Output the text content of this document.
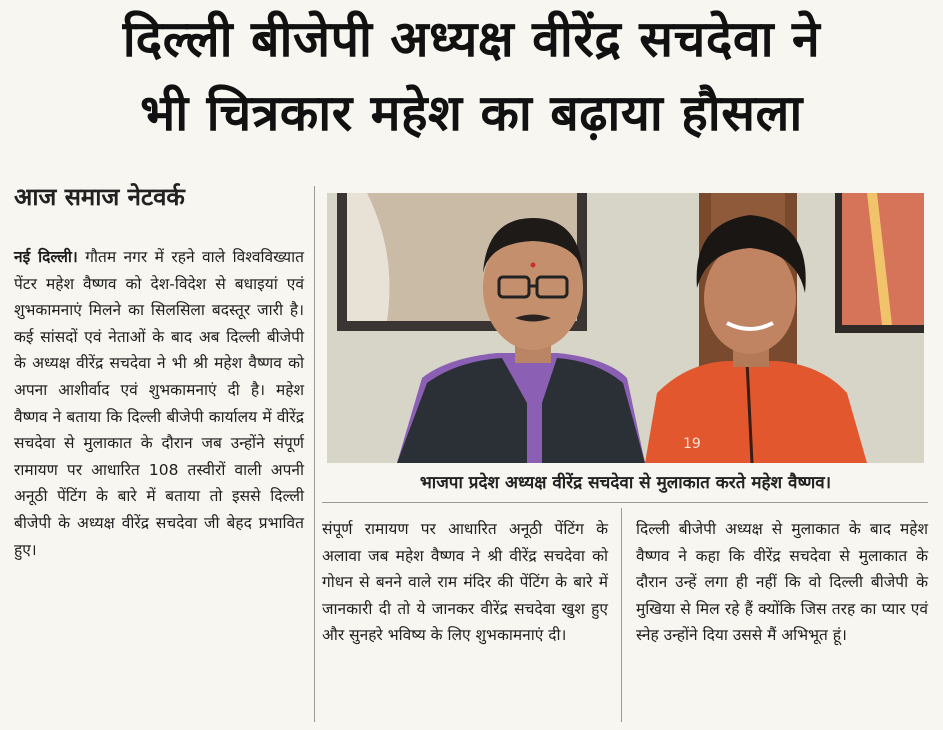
दिल्ली बीजेपी अध्यक्ष वीरेंद्र सचदेवा ने
भी चित्रकार महेश का बढ़ाया हौसला
आज समाज नेटवर्क
नई दिल्ली। गौतम नगर में रहने वाले विश्वविख्यात पेंटर महेश वैष्णव को देश-विदेश से बधाइयां एवं शुभकामनाएं मिलने का सिलसिला बदस्तूर जारी है। कई सांसदों एवं नेताओं के बाद अब दिल्ली बीजेपी के अध्यक्ष वीरेंद्र सचदेवा ने भी श्री महेश वैष्णव को अपना आशीर्वाद एवं शुभकामनाएं दी है। महेश वैष्णव ने बताया कि दिल्ली बीजेपी कार्यालय में वीरेंद्र सचदेवा से मुलाकात के दौरान जब उन्होंने संपूर्ण रामायण पर आधारित 108 तस्वीरों वाली अपनी अनूठी पेंटिंग के बारे में बताया तो इससे दिल्ली बीजेपी के अध्यक्ष वीरेंद्र सचदेवा जी बेहद प्रभावित हुए।
19
भाजपा प्रदेश अध्यक्ष वीरेंद्र सचदेवा से मुलाकात करते महेश वैष्णव।
संपूर्ण रामायण पर आधारित अनूठी पेंटिंग के अलावा जब महेश वैष्णव ने श्री वीरेंद्र सचदेवा को गोधन से बनने वाले राम मंदिर की पेंटिंग के बारे में जानकारी दी तो ये जानकर वीरेंद्र सचदेवा खुश हुए और सुनहरे भविष्य के लिए शुभकामनाएं दी।
दिल्ली बीजेपी अध्यक्ष से मुलाकात के बाद महेश वैष्णव ने कहा कि वीरेंद्र सचदेवा से मुलाकात के दौरान उन्हें लगा ही नहीं कि वो दिल्ली बीजेपी के मुखिया से मिल रहे हैं क्योंकि जिस तरह का प्यार एवं स्नेह उन्होंने दिया उससे मैं अभिभूत हूं।
